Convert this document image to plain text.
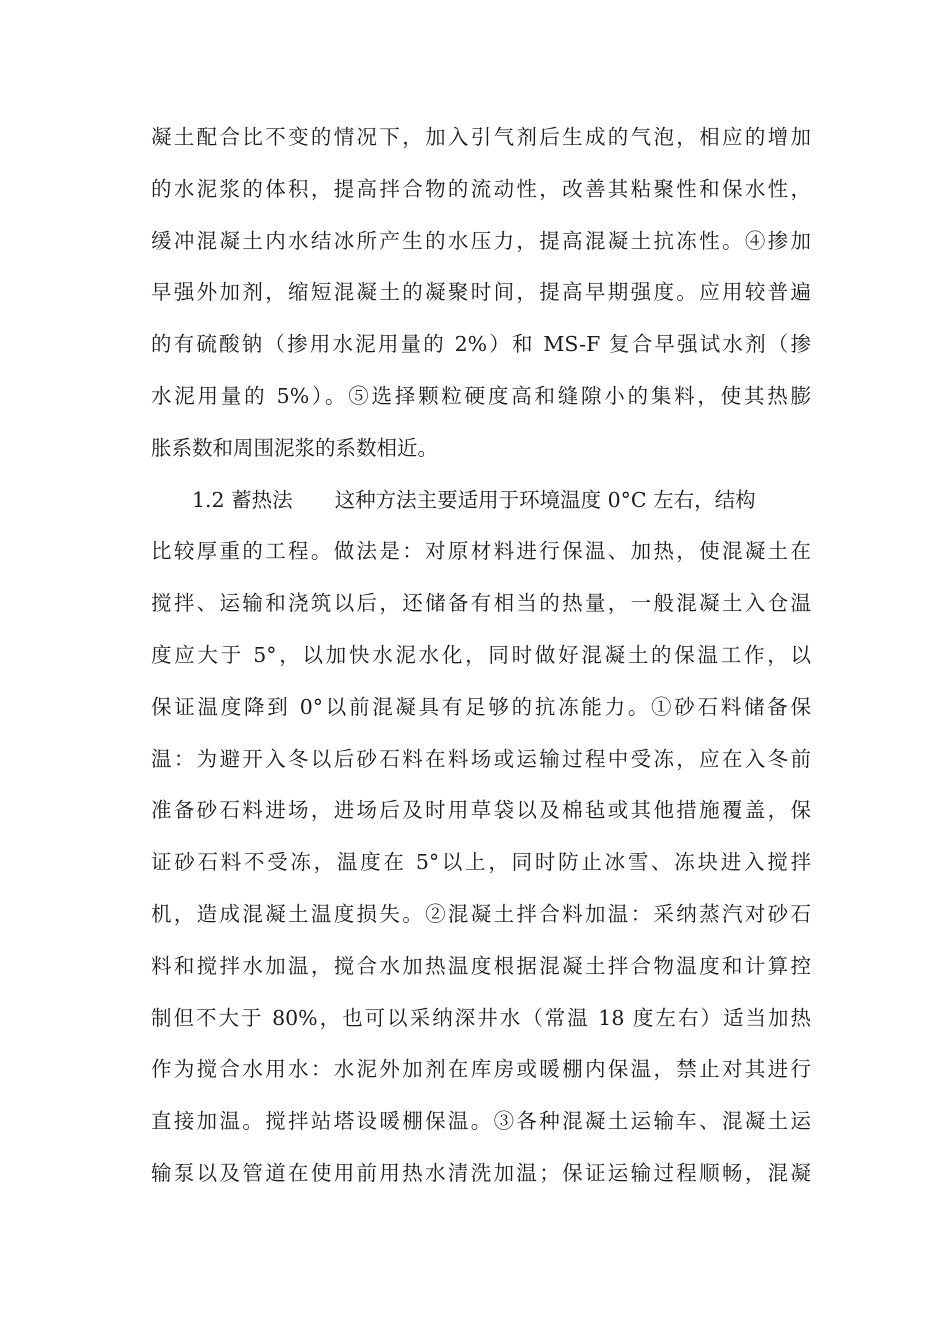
凝土配合比不变的情况下，加入引气剂后生成的气泡，相应的增加
的水泥浆的体积，提高拌合物的流动性，改善其粘聚性和保水性，
缓冲混凝土内水结冰所产生的水压力，提高混凝土抗冻性。④掺加
早强外加剂，缩短混凝土的凝聚时间，提高早期强度。应用较普遍
的有硫酸钠（掺用水泥用量的 2%）和 MS-F 复合早强试水剂（掺
水泥用量的 5%）。⑤选择颗粒硬度高和缝隙小的集料，使其热膨
胀系数和周围泥浆的系数相近。
1.2 蓄热法 这种方法主要适用于环境温度 0°C 左右，结构
比较厚重的工程。做法是：对原材料进行保温、加热，使混凝土在
搅拌、运输和浇筑以后，还储备有相当的热量，一般混凝土入仓温
度应大于 5°，以加快水泥水化，同时做好混凝土的保温工作，以
保证温度降到 0°以前混凝具有足够的抗冻能力。①砂石料储备保
温：为避开入冬以后砂石料在料场或运输过程中受冻，应在入冬前
准备砂石料进场，进场后及时用草袋以及棉毡或其他措施覆盖，保
证砂石料不受冻，温度在 5°以上，同时防止冰雪、冻块进入搅拌
机，造成混凝土温度损失。②混凝土拌合料加温：采纳蒸汽对砂石
料和搅拌水加温，搅合水加热温度根据混凝土拌合物温度和计算控
制但不大于 80%，也可以采纳深井水（常温 18 度左右）适当加热
作为搅合水用水：水泥外加剂在库房或暖棚内保温，禁止对其进行
直接加温。搅拌站塔设暖棚保温。③各种混凝土运输车、混凝土运
输泵以及管道在使用前用热水清洗加温；保证运输过程顺畅，混凝
